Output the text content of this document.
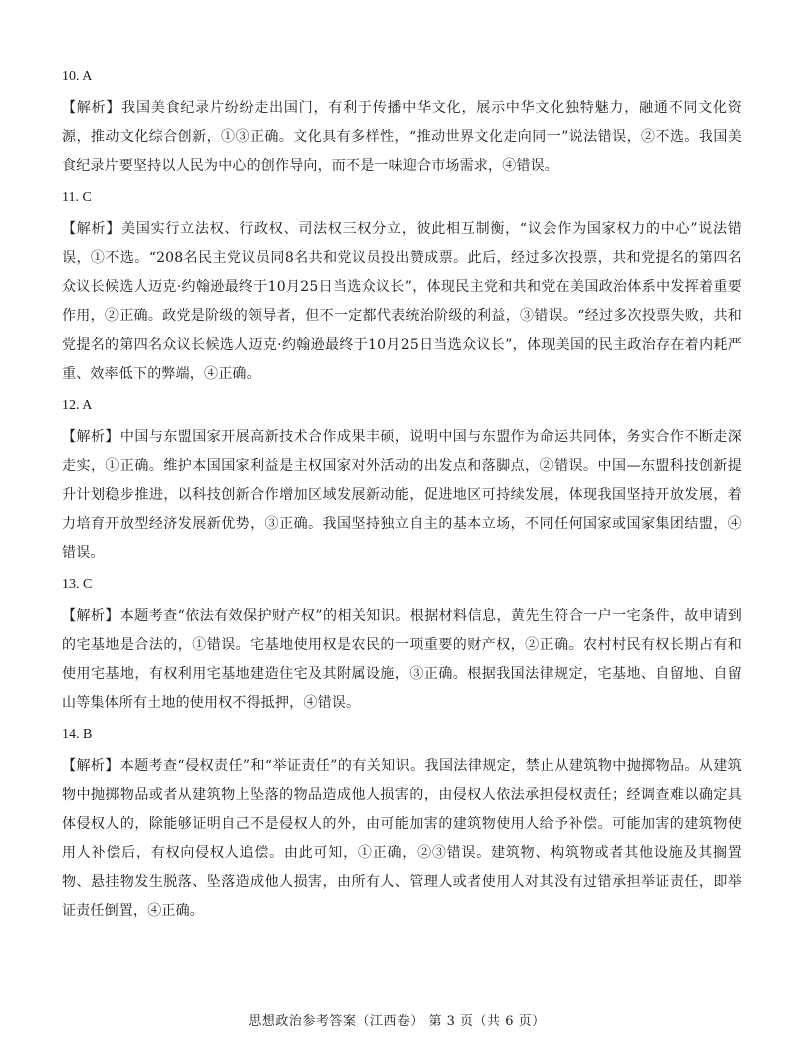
10. A
【解析】我国美食纪录片纷纷走出国门，有利于传播中华文化，展示中华文化独特魅力，融通不同文化资源，推动文化综合创新，①③正确。文化具有多样性，“推动世界文化走向同一”说法错误，②不选。我国美食纪录片要坚持以人民为中心的创作导向，而不是一味迎合市场需求，④错误。
11. C
【解析】美国实行立法权、行政权、司法权三权分立，彼此相互制衡，“议会作为国家权力的中心”说法错误，①不选。“208名民主党议员同8名共和党议员投出赞成票。此后，经过多次投票，共和党提名的第四名众议长候选人迈克·约翰逊最终于10月25日当选众议长”，体现民主党和共和党在美国政治体系中发挥着重要作用，②正确。政党是阶级的领导者，但不一定都代表统治阶级的利益，③错误。“经过多次投票失败，共和党提名的第四名众议长候选人迈克·约翰逊最终于10月25日当选众议长”，体现美国的民主政治存在着内耗严重、效率低下的弊端，④正确。
12. A
【解析】中国与东盟国家开展高新技术合作成果丰硕，说明中国与东盟作为命运共同体，务实合作不断走深走实，①正确。维护本国国家利益是主权国家对外活动的出发点和落脚点，②错误。中国—东盟科技创新提升计划稳步推进，以科技创新合作增加区域发展新动能，促进地区可持续发展，体现我国坚持开放发展，着力培育开放型经济发展新优势，③正确。我国坚持独立自主的基本立场，不同任何国家或国家集团结盟，④错误。
13. C
【解析】本题考查“依法有效保护财产权”的相关知识。根据材料信息，黄先生符合一户一宅条件，故申请到的宅基地是合法的，①错误。宅基地使用权是农民的一项重要的财产权，②正确。农村村民有权长期占有和使用宅基地，有权利用宅基地建造住宅及其附属设施，③正确。根据我国法律规定，宅基地、自留地、自留山等集体所有土地的使用权不得抵押，④错误。
14. B
【解析】本题考查“侵权责任”和“举证责任”的有关知识。我国法律规定，禁止从建筑物中抛掷物品。从建筑物中抛掷物品或者从建筑物上坠落的物品造成他人损害的，由侵权人依法承担侵权责任；经调查难以确定具体侵权人的，除能够证明自己不是侵权人的外，由可能加害的建筑物使用人给予补偿。可能加害的建筑物使用人补偿后，有权向侵权人追偿。由此可知，①正确，②③错误。建筑物、构筑物或者其他设施及其搁置物、悬挂物发生脱落、坠落造成他人损害，由所有人、管理人或者使用人对其没有过错承担举证责任，即举证责任倒置，④正确。
思想政治参考答案（江西卷） 第 3 页（共 6 页）
